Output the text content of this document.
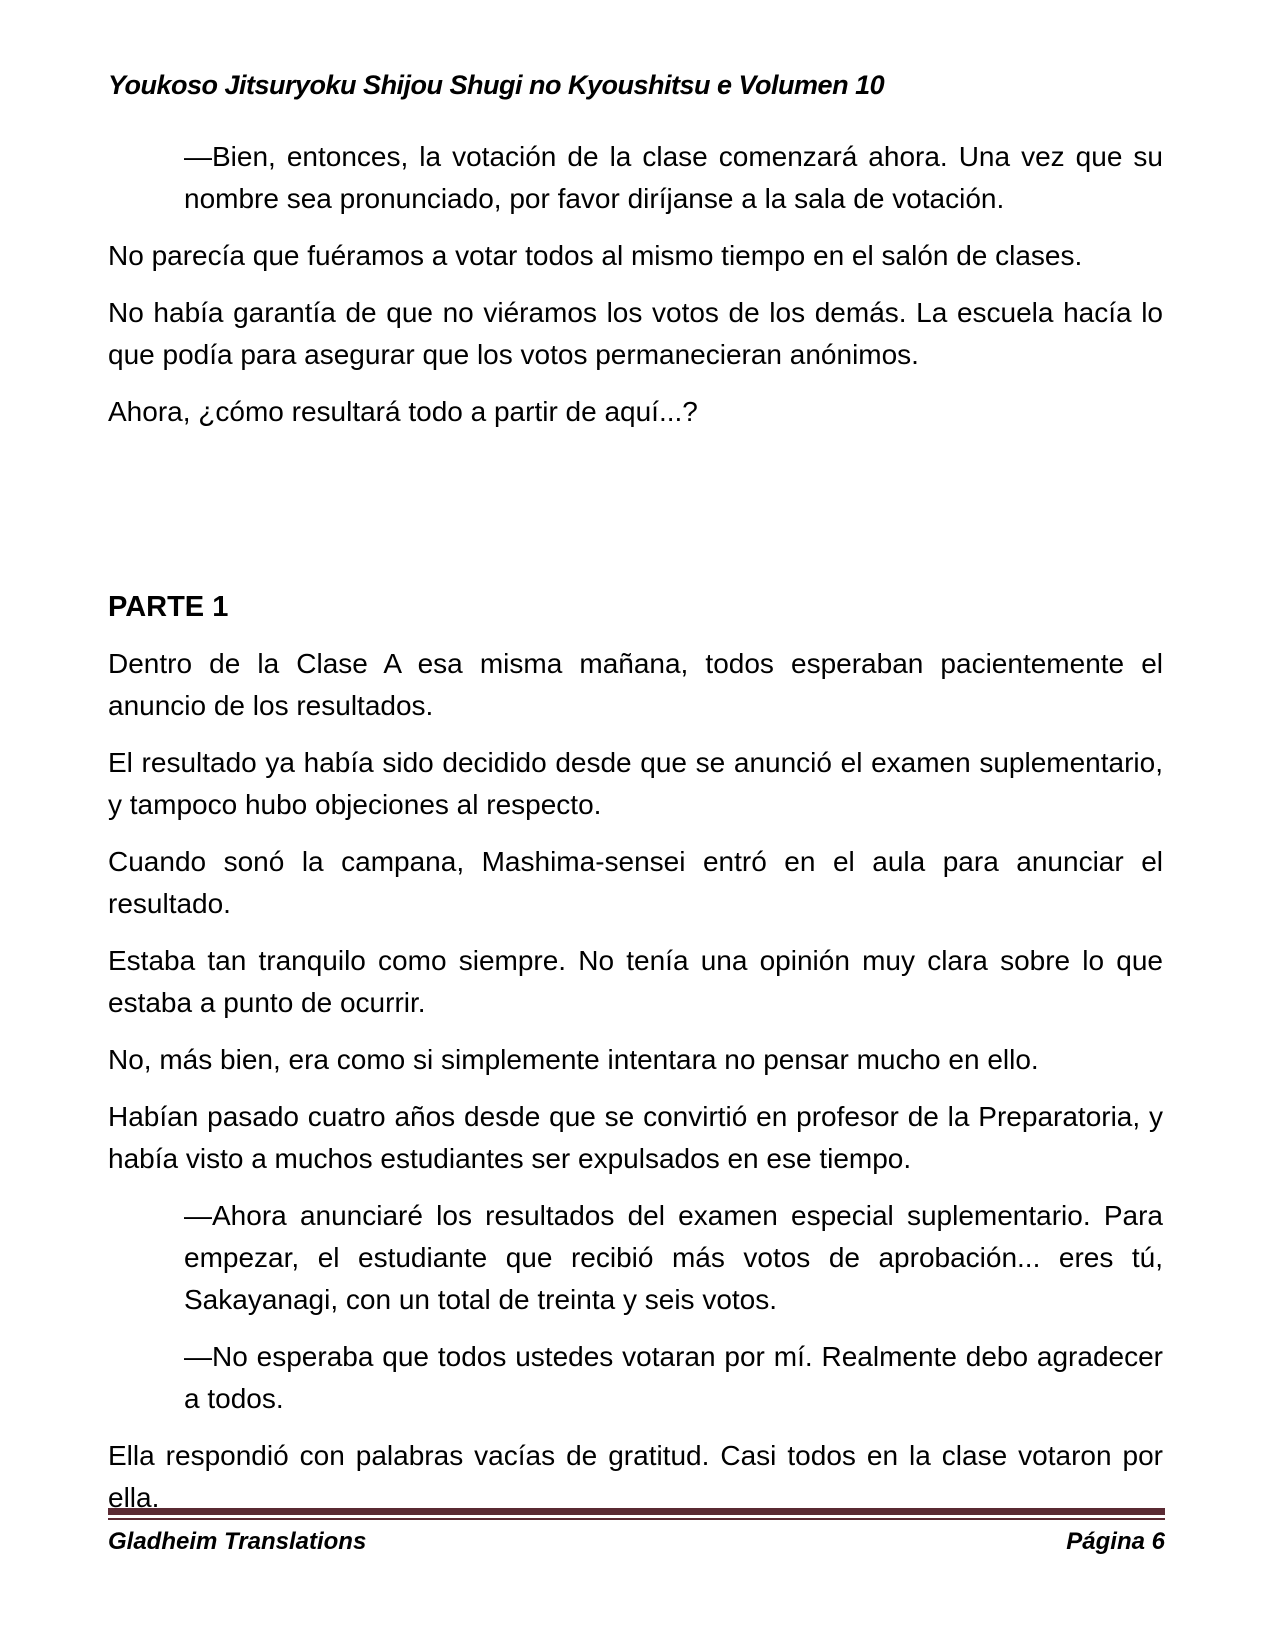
Youkoso Jitsuryoku Shijou Shugi no Kyoushitsu e Volumen 10

—Bien, entonces, la votación de la clase comenzará ahora. Una vez que su nombre sea pronunciado, por favor diríjanse a la sala de votación.

No parecía que fuéramos a votar todos al mismo tiempo en el salón de clases.

No había garantía de que no viéramos los votos de los demás. La escuela hacía lo que podía para asegurar que los votos permanecieran anónimos.

Ahora, ¿cómo resultará todo a partir de aquí...?

PARTE 1

Dentro de la Clase A esa misma mañana, todos esperaban pacientemente el anuncio de los resultados.

El resultado ya había sido decidido desde que se anunció el examen suplementario, y tampoco hubo objeciones al respecto.

Cuando sonó la campana, Mashima-sensei entró en el aula para anunciar el resultado.

Estaba tan tranquilo como siempre. No tenía una opinión muy clara sobre lo que estaba a punto de ocurrir.

No, más bien, era como si simplemente intentara no pensar mucho en ello.

Habían pasado cuatro años desde que se convirtió en profesor de la Preparatoria, y había visto a muchos estudiantes ser expulsados en ese tiempo.

—Ahora anunciaré los resultados del examen especial suplementario. Para empezar, el estudiante que recibió más votos de aprobación... eres tú, Sakayanagi, con un total de treinta y seis votos.

—No esperaba que todos ustedes votaran por mí. Realmente debo agradecer a todos.

Ella respondió con palabras vacías de gratitud. Casi todos en la clase votaron por ella.

Gladheim Translations	Página 6
